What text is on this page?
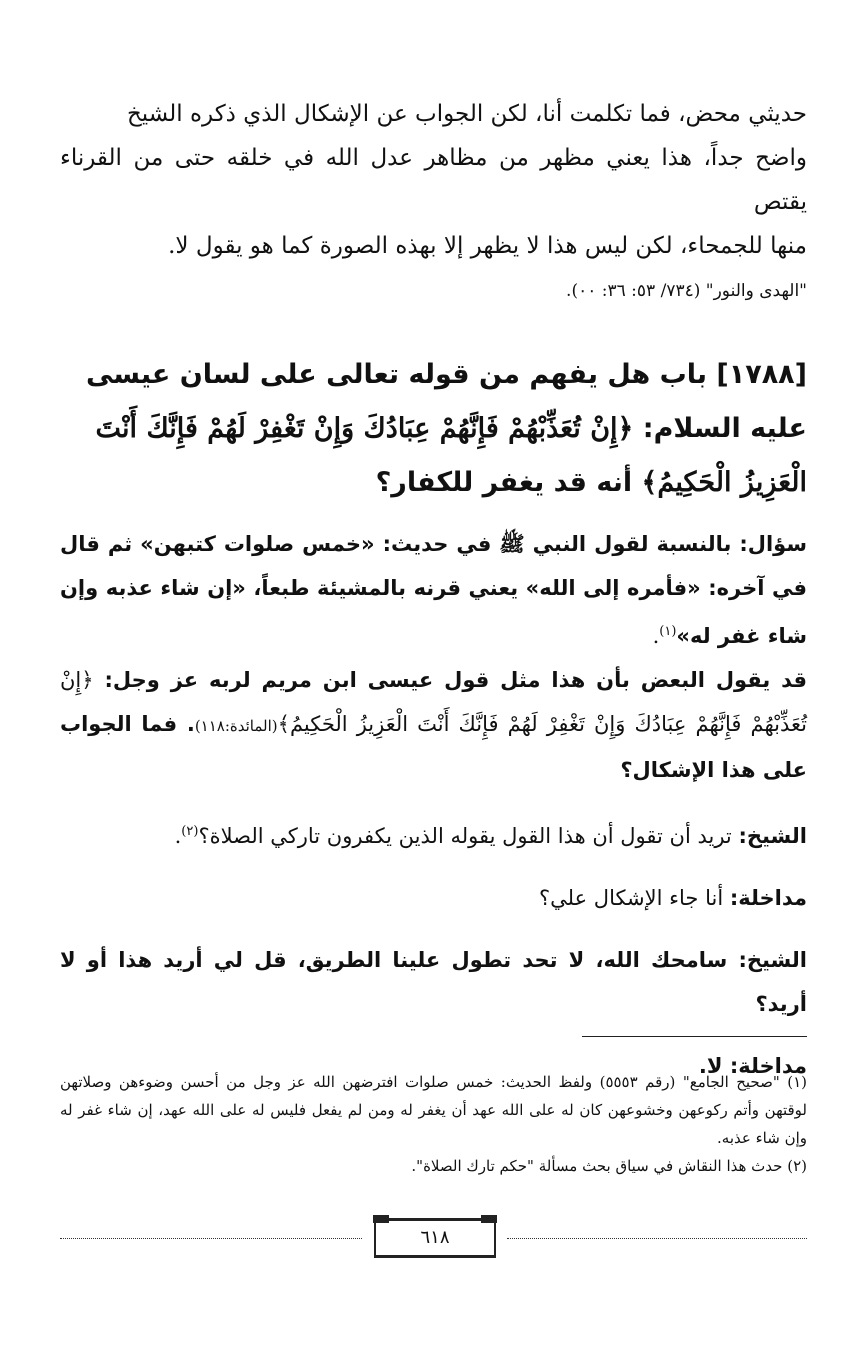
حديثي محض، فما تكلمت أنا، لكن الجواب عن الإشكال الذي ذكره الشيخ

واضح جداً، هذا يعني مظهر من مظاهر عدل الله في خلقه حتى من القرناء يقتص

منها للجمحاء، لكن ليس هذا لا يظهر إلا بهذه الصورة كما هو يقول لا.

"الهدى والنور" (٧٣٤/ ٥٣: ٣٦: ٠٠).

[١٧٨٨] باب هل يفهم من قوله تعالى على لسان عيسى عليه السلام: ﴿إِنْ تُعَذِّبْهُمْ فَإِنَّهُمْ عِبَادُكَ وَإِنْ تَغْفِرْ لَهُمْ فَإِنَّكَ أَنْتَ الْعَزِيزُ الْحَكِيمُ﴾ أنه قد يغفر للكفار؟

سؤال: بالنسبة لقول النبي ﷺ في حديث: «خمس صلوات كتبهن» ثم قال في آخره: «فأمره إلى الله» يعني قرنه بالمشيئة طبعاً، «إن شاء عذبه وإن شاء غفر له»$^{(١)}$.

قد يقول البعض بأن هذا مثل قول عيسى ابن مريم لربه عز وجل: ﴿إِنْ تُعَذِّبْهُمْ فَإِنَّهُمْ عِبَادُكَ وَإِنْ تَغْفِرْ لَهُمْ فَإِنَّكَ أَنْتَ الْعَزِيزُ الْحَكِيمُ﴾(المائدة:١١٨). فما الجواب على هذا الإشكال؟

الشيخ: تريد أن تقول أن هذا القول يقوله الذين يكفرون تاركي الصلاة؟$^{(٢)}$.

مداخلة: أنا جاء الإشكال علي؟

الشيخ: سامحك الله، لا تحد تطول علينا الطريق، قل لي أريد هذا أو لا أريد؟

مداخلة: لا.

(١) "صحيح الجامع" (رقم ٥٥٥٣) ولفظ الحديث: خمس صلوات افترضهن الله عز وجل من أحسن وضوءهن وصلاتهن لوقتهن وأتم ركوعهن وخشوعهن كان له على الله عهد أن يغفر له ومن لم يفعل فليس له على الله عهد، إن شاء غفر له وإن شاء عذبه.

(٢) حدث هذا النقاش في سياق بحث مسألة "حكم تارك الصلاة".

٦١٨
